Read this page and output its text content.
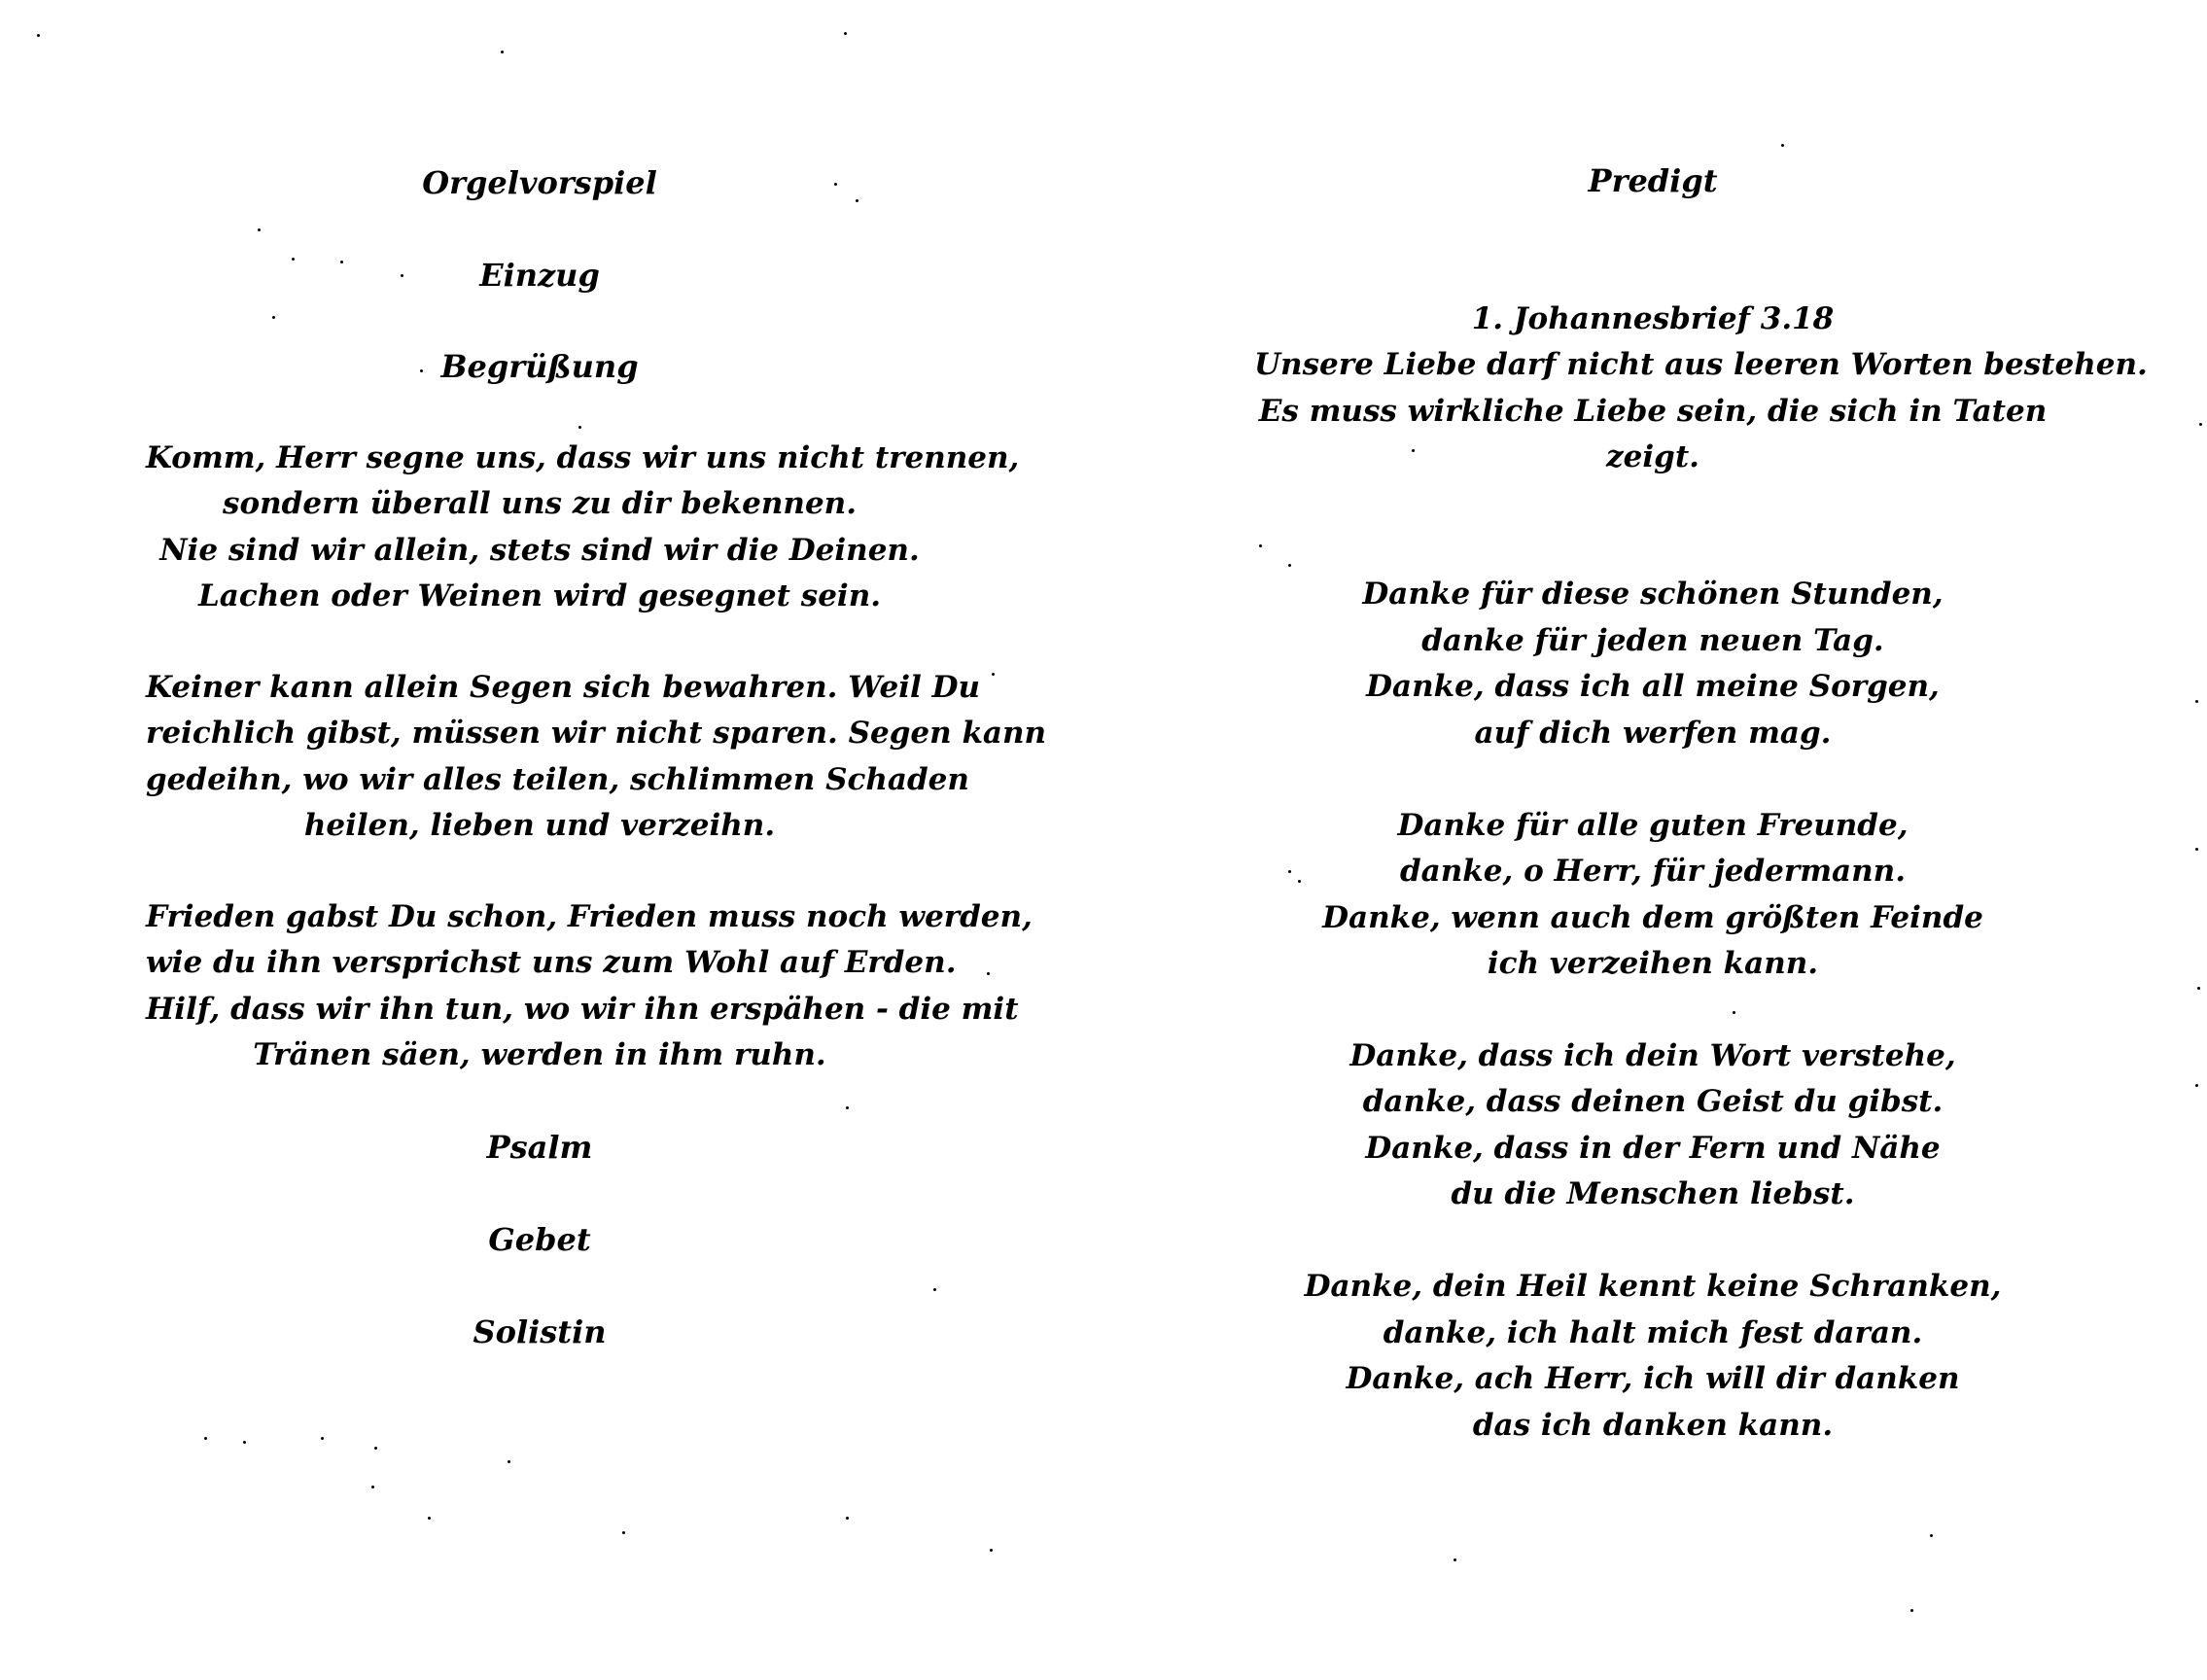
Orgelvorspiel
Einzug
Begrüßung
Komm, Herr segne uns, dass wir uns nicht trennen,
sondern überall uns zu dir bekennen.
Nie sind wir allein, stets sind wir die Deinen.
Lachen oder Weinen wird gesegnet sein.
Keiner kann allein Segen sich bewahren. Weil Du
reichlich gibst, müssen wir nicht sparen. Segen kann
gedeihn, wo wir alles teilen, schlimmen Schaden
heilen, lieben und verzeihn.
Frieden gabst Du schon, Frieden muss noch werden,
wie du ihn versprichst uns zum Wohl auf Erden.
Hilf, dass wir ihn tun, wo wir ihn erspähen - die mit
Tränen säen, werden in ihm ruhn.
Psalm
Gebet
Solistin
Predigt
1. Johannesbrief 3.18
Unsere Liebe darf nicht aus leeren Worten bestehen.
Es muss wirkliche Liebe sein, die sich in Taten
zeigt.
Danke für diese schönen Stunden,
danke für jeden neuen Tag.
Danke, dass ich all meine Sorgen,
auf dich werfen mag.
Danke für alle guten Freunde,
danke, o Herr, für jedermann.
Danke, wenn auch dem größten Feinde
ich verzeihen kann.
Danke, dass ich dein Wort verstehe,
danke, dass deinen Geist du gibst.
Danke, dass in der Fern und Nähe
du die Menschen liebst.
Danke, dein Heil kennt keine Schranken,
danke, ich halt mich fest daran.
Danke, ach Herr, ich will dir danken
das ich danken kann.
